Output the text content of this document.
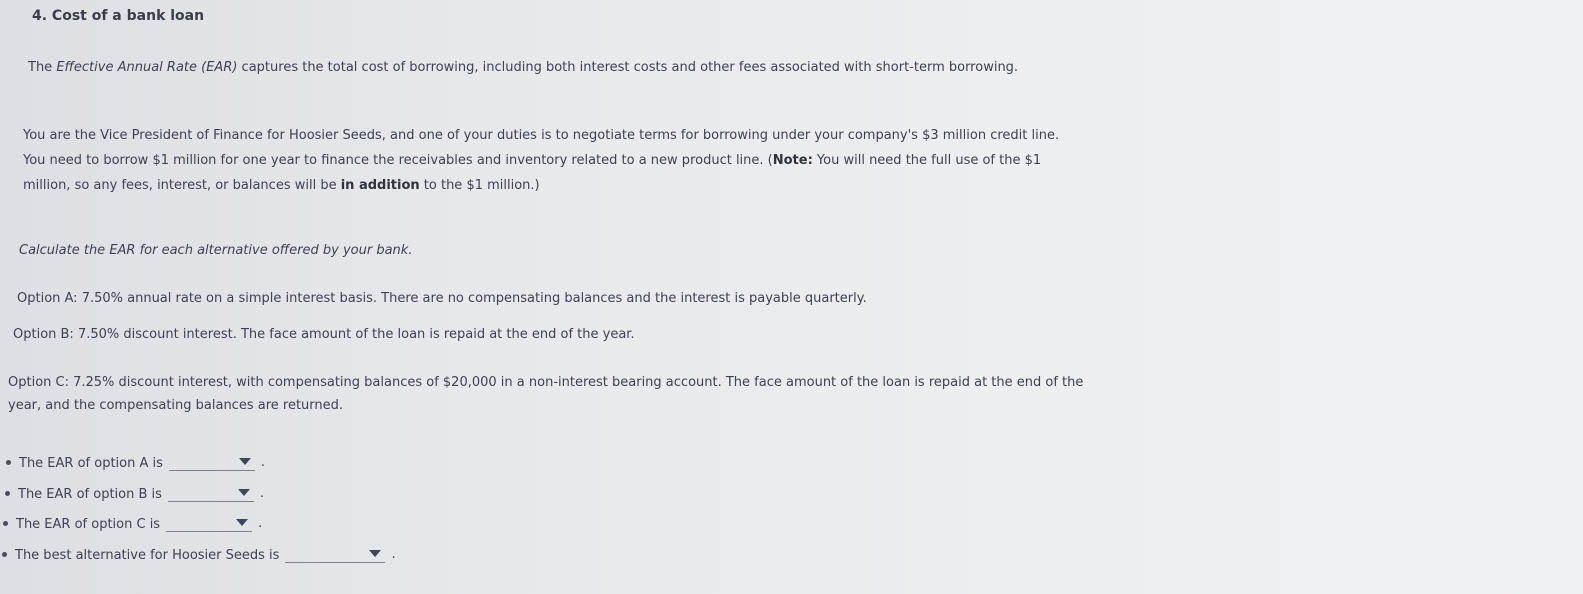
4. Cost of a bank loan
The Effective Annual Rate (EAR) captures the total cost of borrowing, including both interest costs and other fees associated with short-term borrowing.
You are the Vice President of Finance for Hoosier Seeds, and one of your duties is to negotiate terms for borrowing under your company's $3 million credit line. You need to borrow $1 million for one year to finance the receivables and inventory related to a new product line. (Note: You will need the full use of the $1 million, so any fees, interest, or balances will be in addition to the $1 million.)
Calculate the EAR for each alternative offered by your bank.
Option A: 7.50% annual rate on a simple interest basis. There are no compensating balances and the interest is payable quarterly.
Option B: 7.50% discount interest. The face amount of the loan is repaid at the end of the year.
Option C: 7.25% discount interest, with compensating balances of $20,000 in a non-interest bearing account. The face amount of the loan is repaid at the end of the year, and the compensating balances are returned.
The EAR of option A is	.
The EAR of option B is	.
The EAR of option C is	.
The best alternative for Hoosier Seeds is	.
